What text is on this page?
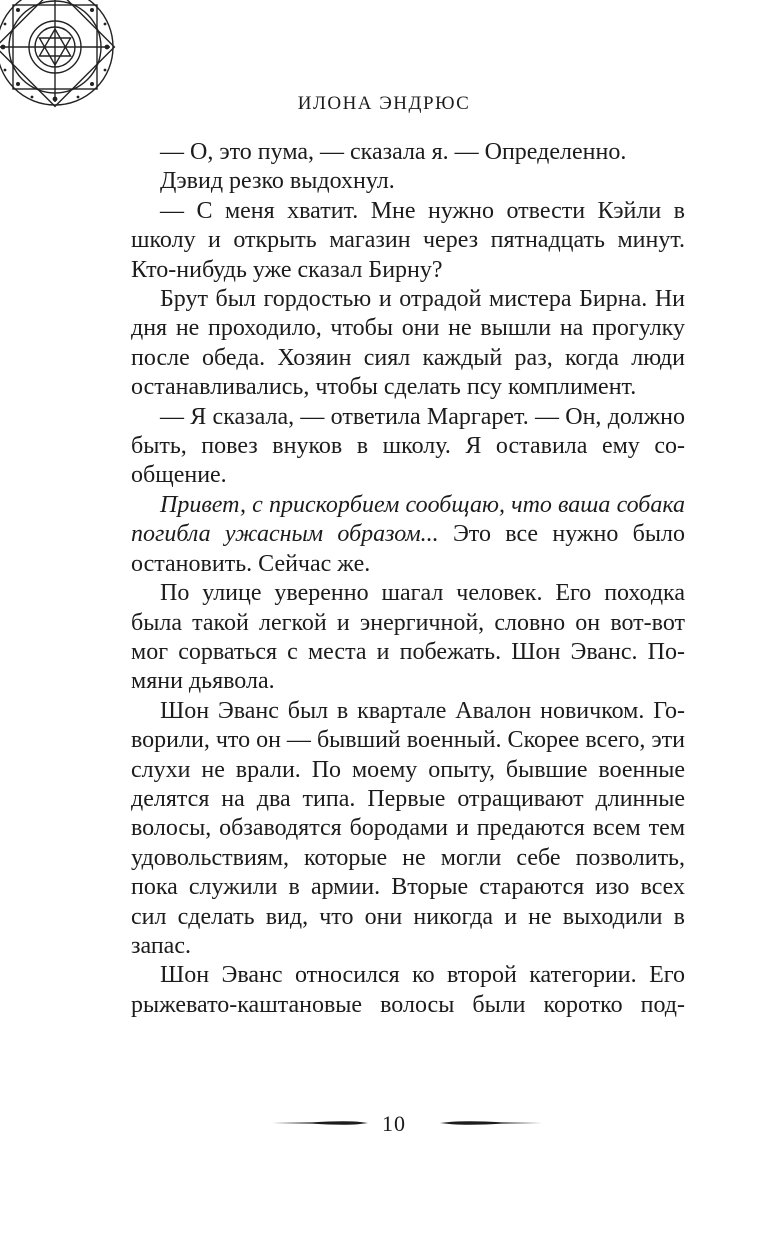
ИЛОНА ЭНДРЮС

— О, это пума, — сказала я. — Определенно.

Дэвид резко выдохнул.

— С меня хватит. Мне нужно отвести Кэйли в школу и открыть магазин через пятнадцать минут. Кто-нибудь уже сказал Бирну?

Брут был гордостью и отрадой мистера Бирна. Ни дня не проходило, чтобы они не вышли на прогулку после обеда. Хозяин сиял каждый раз, когда люди останавливались, чтобы сделать псу комплимент.

— Я сказала, — ответила Маргарет. — Он, должно быть, повез внуков в школу. Я оставила ему сообщение.

Привет, с прискорбием сообщаю, что ваша собака погибла ужасным образом... Это все нужно было остановить. Сейчас же.

По улице уверенно шагал человек. Его походка была такой легкой и энергичной, словно он вот-вот мог сорваться с места и побежать. Шон Эванс. Помяни дьявола.

Шон Эванс был в квартале Авалон новичком. Говорили, что он — бывший военный. Скорее всего, эти слухи не врали. По моему опыту, бывшие военные делятся на два типа. Первые отращивают длинные волосы, обзаводятся бородами и предаются всем тем удовольствиям, которые не могли себе позволить, пока служили в армии. Вторые стараются изо всех сил сделать вид, что они никогда и не выходили в запас.

Шон Эванс относился ко второй категории. Его рыжевато-каштановые волосы были коротко под-

10
